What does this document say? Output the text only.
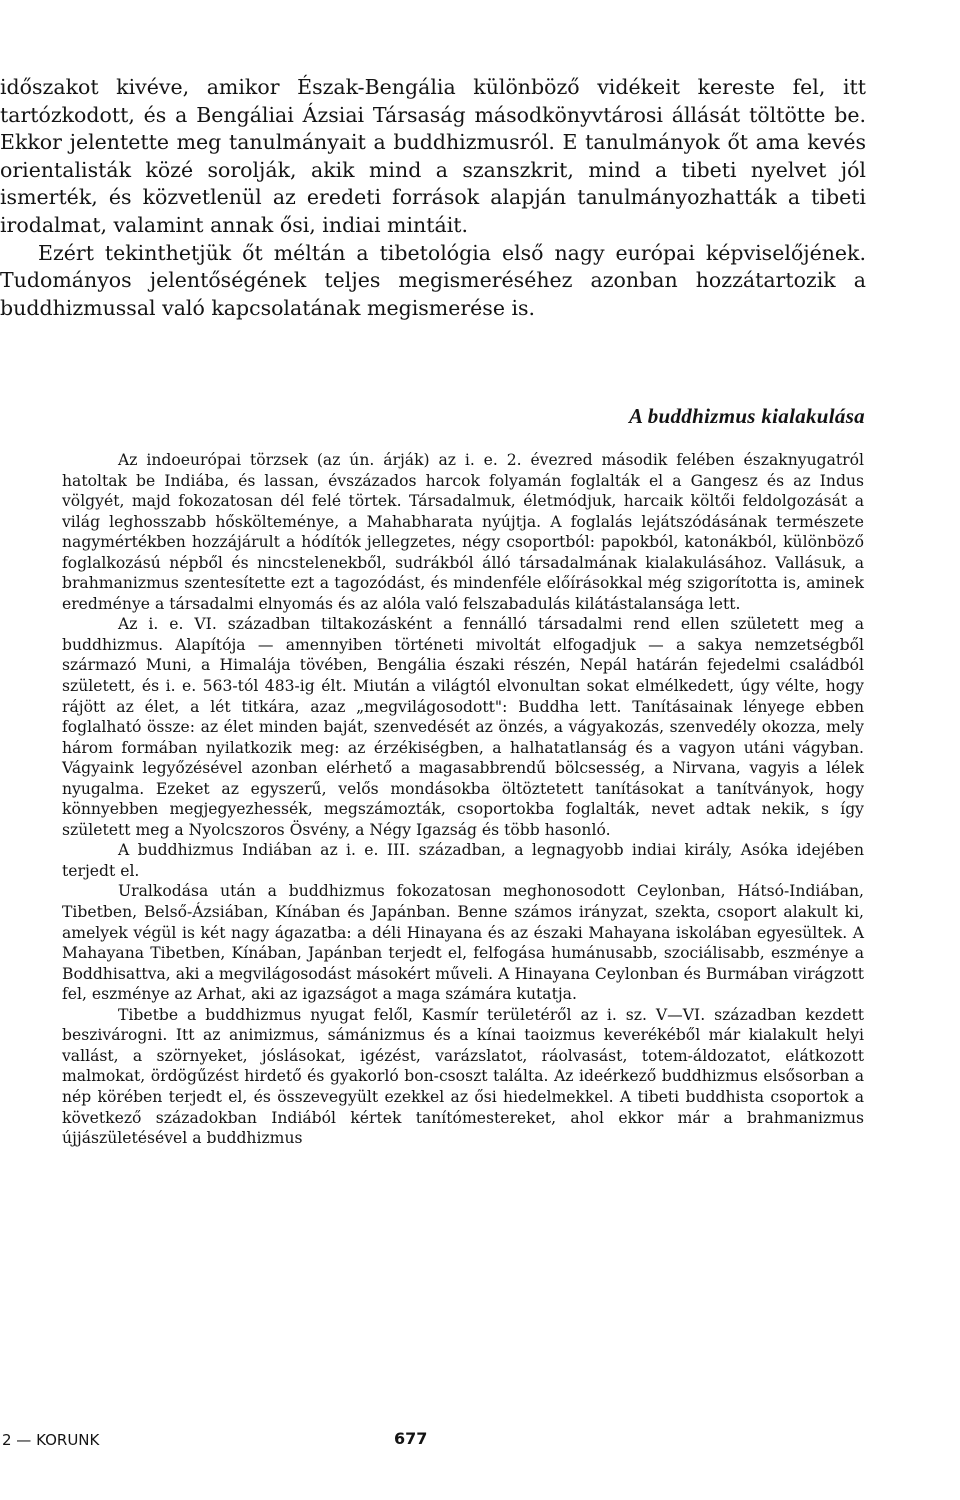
időszakot kivéve, amikor Észak-Bengália különböző vidékeit kereste fel, itt tartózkodott, és a Bengáliai Ázsiai Társaság másodkönyvtárosi állását töltötte be. Ekkor jelentette meg tanulmányait a buddhizmusról. E tanulmányok őt ama kevés orientalisták közé sorolják, akik mind a szanszkrit, mind a tibeti nyelvet jól ismerték, és közvetlenül az eredeti források alapján tanulmányozhatták a tibeti irodalmat, valamint annak ősi, indiai mintáit.

Ezért tekinthetjük őt méltán a tibetológia első nagy európai képviselőjének. Tudományos jelentőségének teljes megismeréséhez azonban hozzátartozik a buddhizmussal való kapcsolatának megismerése is.

A buddhizmus kialakulása

Az indoeurópai törzsek (az ún. árják) az i. e. 2. évezred második felében északnyugatról hatoltak be Indiába, és lassan, évszázados harcok folyamán foglalták el a Gangesz és az Indus völgyét, majd fokozatosan dél felé törtek. Társadalmuk, életmódjuk, harcaik költői feldolgozását a világ leghosszabb hőskölteménye, a Mahabharata nyújtja. A foglalás lejátszódásának természete nagymértékben hozzájárult a hódítók jellegzetes, négy csoportból: papokból, katonákból, különböző foglalkozású népből és nincstelenekből, sudrákból álló társadalmának kialakulásához. Vallásuk, a brahmanizmus szentesítette ezt a tagozódást, és mindenféle előírásokkal még szigorította is, aminek eredménye a társadalmi elnyomás és az alóla való felszabadulás kilátástalansága lett.

Az i. e. VI. században tiltakozásként a fennálló társadalmi rend ellen született meg a buddhizmus. Alapítója — amennyiben történeti mivoltát elfogadjuk — a sakya nemzetségből származó Muni, a Himalája tövében, Bengália északi részén, Nepál határán fejedelmi családból született, és i. e. 563-tól 483-ig élt. Miután a világtól elvonultan sokat elmélkedett, úgy vélte, hogy rájött az élet, a lét titkára, azaz „megvilágosodott": Buddha lett. Tanításainak lényege ebben foglalható össze: az élet minden baját, szenvedését az önzés, a vágyakozás, szenvedély okozza, mely három formában nyilatkozik meg: az érzékiségben, a halhatatlanság és a vagyon utáni vágyban. Vágyaink legyőzésével azonban elérhető a magasabbrendű bölcsesség, a Nirvana, vagyis a lélek nyugalma. Ezeket az egyszerű, velős mondásokba öltöztetett tanításokat a tanítványok, hogy könnyebben megjegyezhessék, megszámozták, csoportokba foglalták, nevet adtak nekik, s így született meg a Nyolcszoros Ösvény, a Négy Igazság és több hasonló.

A buddhizmus Indiában az i. e. III. században, a legnagyobb indiai király, Asóka idejében terjedt el.

Uralkodása után a buddhizmus fokozatosan meghonosodott Ceylonban, Hátsó-Indiában, Tibetben, Belső-Ázsiában, Kínában és Japánban. Benne számos irányzat, szekta, csoport alakult ki, amelyek végül is két nagy ágazatba: a déli Hinayana és az északi Mahayana iskolában egyesültek. A Mahayana Tibetben, Kínában, Japánban terjedt el, felfogása humánusabb, szociálisabb, eszménye a Boddhisattva, aki a megvilágosodást másokért műveli. A Hinayana Ceylonban és Burmában virágzott fel, eszménye az Arhat, aki az igazságot a maga számára kutatja.

Tibetbe a buddhizmus nyugat felől, Kasmír területéről az i. sz. V—VI. században kezdett beszivárogni. Itt az animizmus, sámánizmus és a kínai taoizmus keverékéből már kialakult helyi vallást, a szörnyeket, jóslásokat, igézést, varázslatot, ráolvasást, totem-áldozatot, elátkozott malmokat, ördögűzést hirdető és gyakorló bon-csoszt találta. Az ideérkező buddhizmus elsősorban a nép körében terjedt el, és összevegyült ezekkel az ősi hiedelmekkel. A tibeti buddhista csoportok a következő századokban Indiából kértek tanítómestereket, ahol ekkor már a brahmanizmus újjászületésével a buddhizmus

2 — KORUNK	677
